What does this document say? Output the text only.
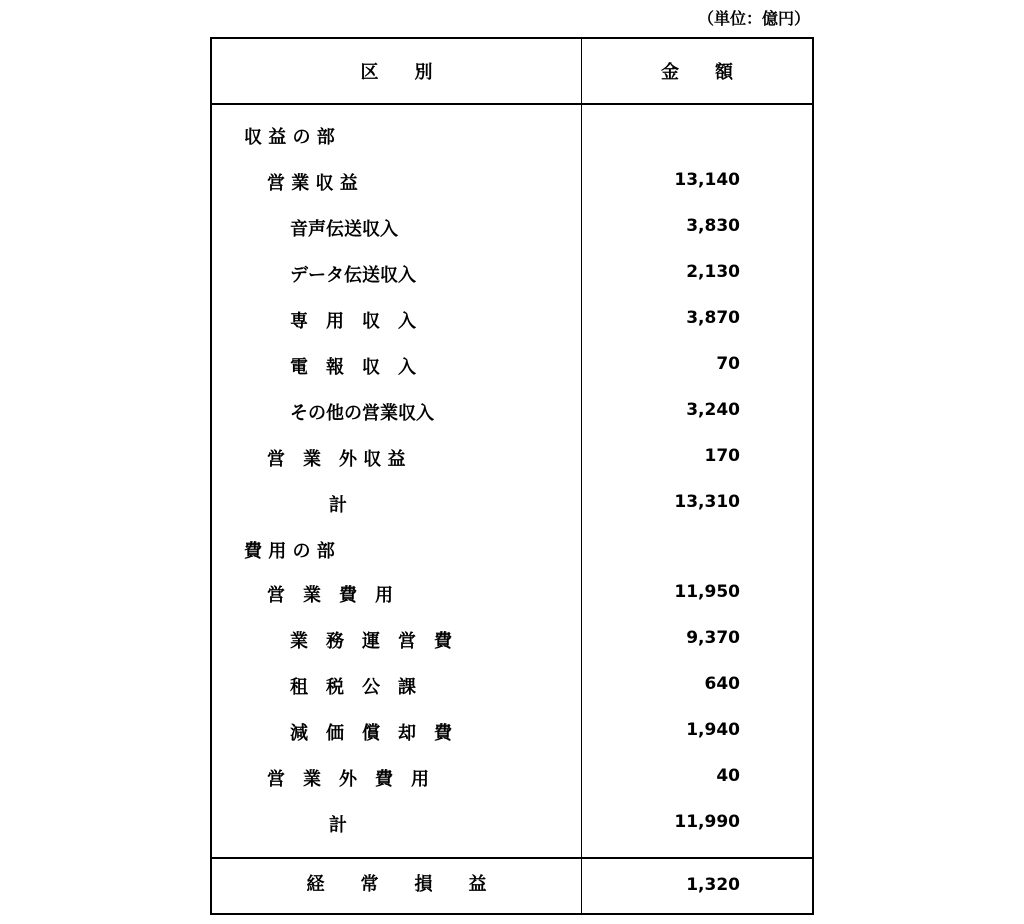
（単位：億円）
区　　別	金　　額
収 益 の 部
営 業 収 益	13,140
音声伝送収入	3,830
データ伝送収入	2,130
専　用　収　入	3,870
電　報　収　入	70
その他の営業収入	3,240
営　業　外 収 益	170
計	13,310
費 用 の 部
営　業　費　用	11,950
業　務　運　営　費	9,370
租　税　公　課	640
減　価　償　却　費	1,940
営　業　外　費　用	40
計	11,990
経　　常　　損　　益	1,320
